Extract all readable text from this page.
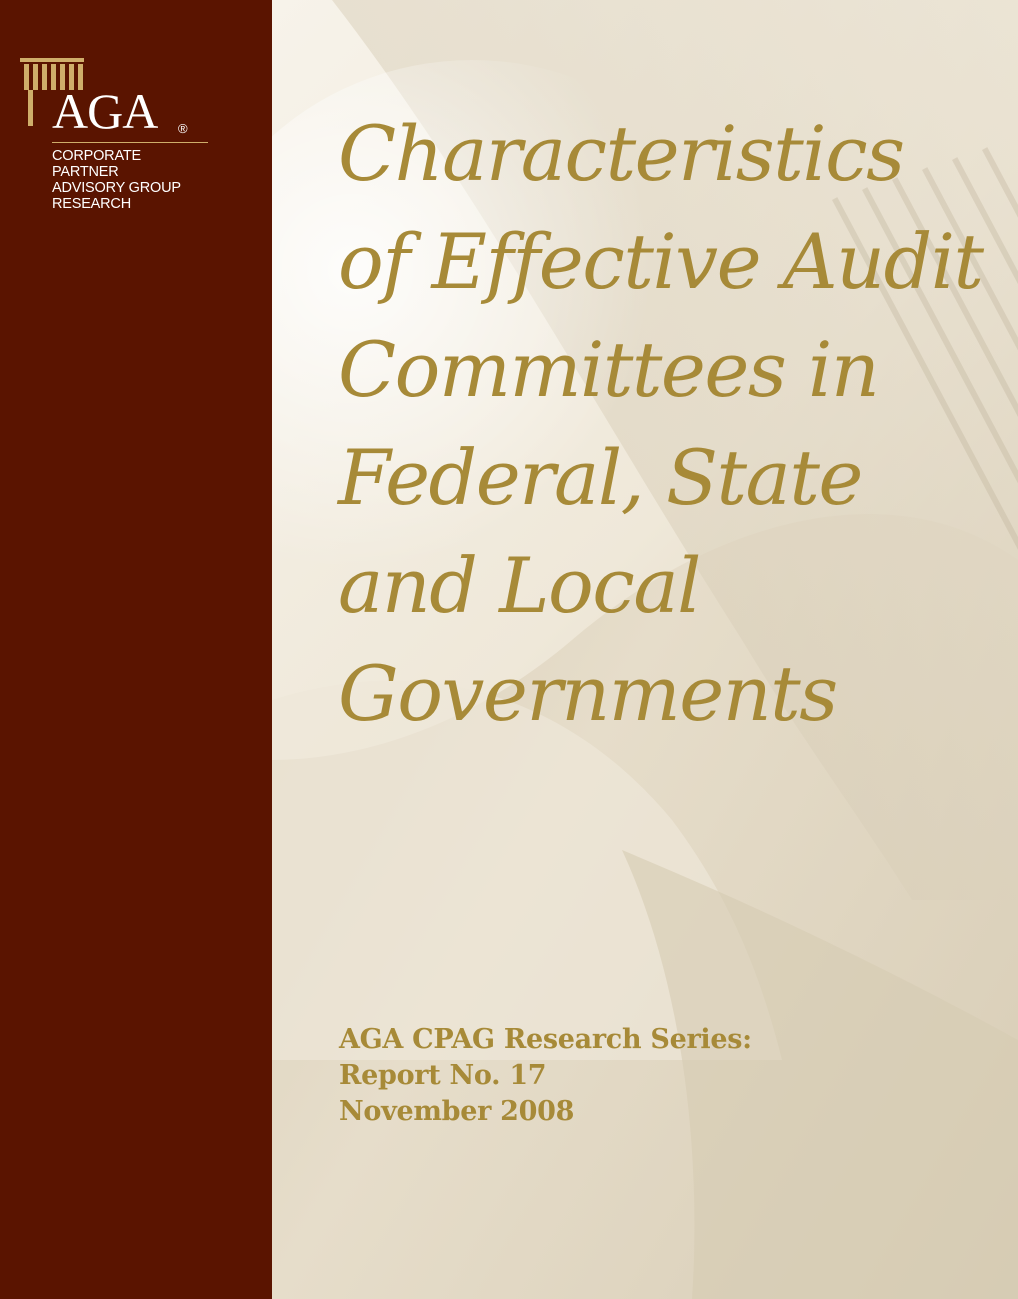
AGA ®
CORPORATE
PARTNER
ADVISORY GROUP
RESEARCH
Characteristics
of Effective Audit
Committees in
Federal, State
and Local
Governments
AGA CPAG Research Series:
Report No. 17
November 2008
